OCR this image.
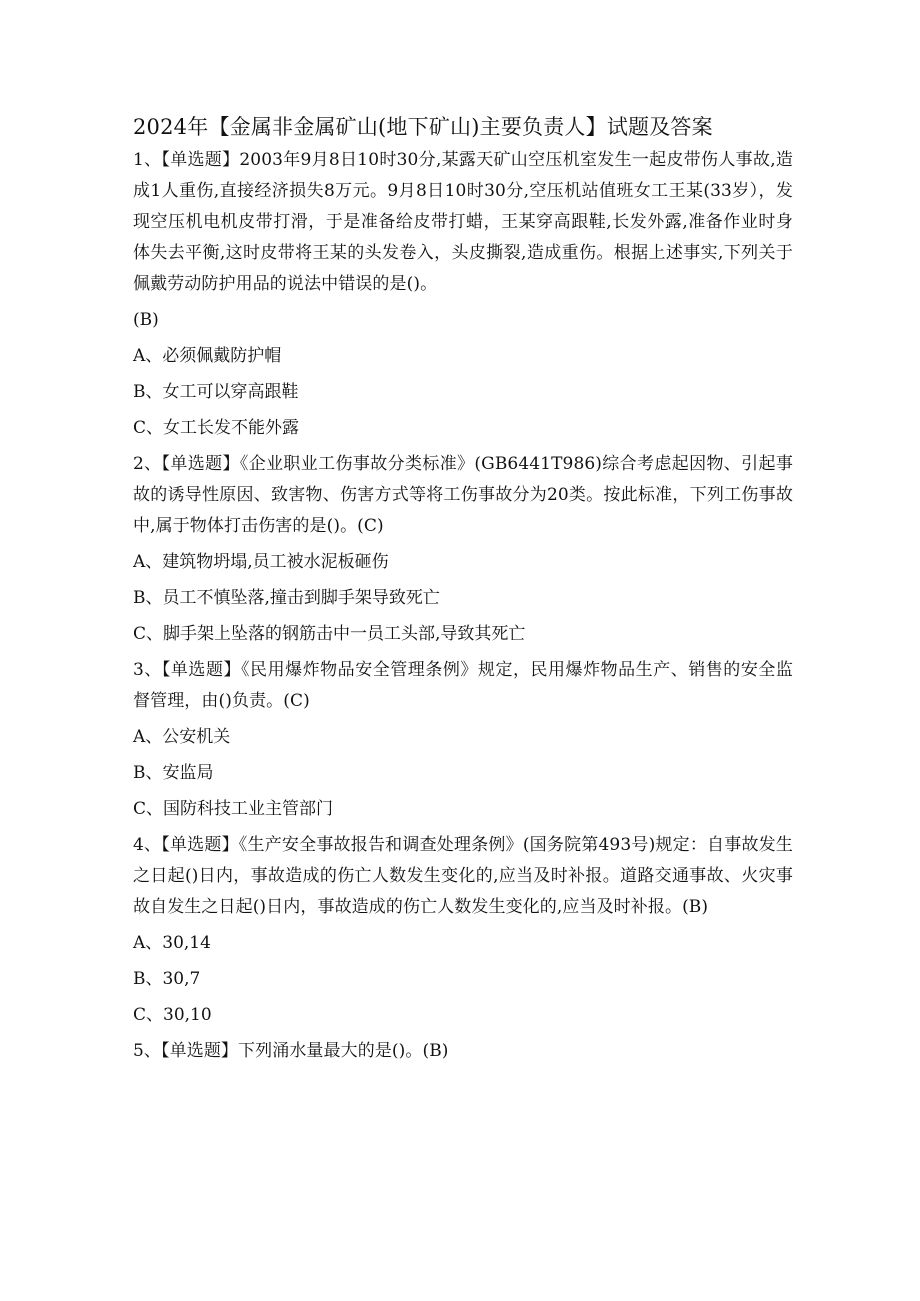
2024年【金属非金属矿山(地下矿山)主要负责人】试题及答案

1、【单选题】2003年9月8日10时30分,某露天矿山空压机室发生一起皮带伤人事故,造成1人重伤,直接经济损失8万元。9月8日10时30分,空压机站值班女工王某(33岁），发现空压机电机皮带打滑，于是准备给皮带打蜡，王某穿高跟鞋,长发外露,准备作业时身体失去平衡,这时皮带将王某的头发卷入，头皮撕裂,造成重伤。根据上述事实,下列关于佩戴劳动防护用品的说法中错误的是()。

(B)

A、必须佩戴防护帽

B、女工可以穿高跟鞋

C、女工长发不能外露

2、【单选题】《企业职业工伤事故分类标准》(GB6441T986)综合考虑起因物、引起事故的诱导性原因、致害物、伤害方式等将工伤事故分为20类。按此标准，下列工伤事故中,属于物体打击伤害的是()。(C)

A、建筑物坍塌,员工被水泥板砸伤

B、员工不慎坠落,撞击到脚手架导致死亡

C、脚手架上坠落的钢筋击中一员工头部,导致其死亡

3、【单选题】《民用爆炸物品安全管理条例》规定，民用爆炸物品生产、销售的安全监督管理，由()负责。(C)

A、公安机关

B、安监局

C、国防科技工业主管部门

4、【单选题】《生产安全事故报告和调查处理条例》(国务院第493号)规定：自事故发生之日起()日内，事故造成的伤亡人数发生变化的,应当及时补报。道路交通事故、火灾事故自发生之日起()日内，事故造成的伤亡人数发生变化的,应当及时补报。(B)

A、30,14

B、30,7

C、30,10

5、【单选题】下列涌水量最大的是()。(B)
